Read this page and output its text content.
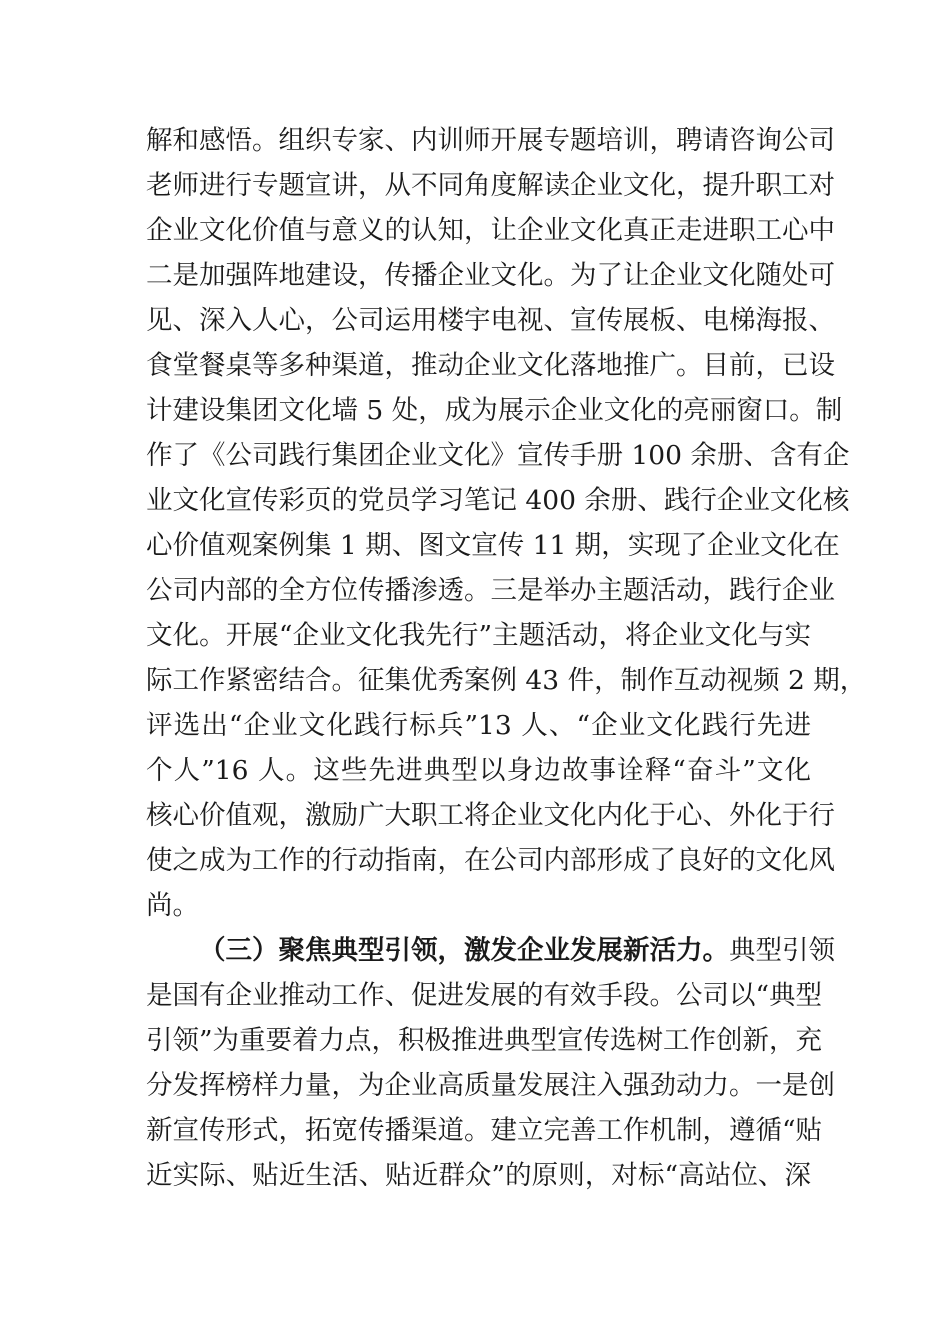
解和感悟。组织专家、内训师开展专题培训，聘请咨询公司
老师进行专题宣讲，从不同角度解读企业文化，提升职工对
企业文化价值与意义的认知，让企业文化真正走进职工心中
二是加强阵地建设，传播企业文化。为了让企业文化随处可
见、深入人心，公司运用楼宇电视、宣传展板、电梯海报、
食堂餐桌等多种渠道，推动企业文化落地推广。目前，已设
计建设集团文化墙 5 处，成为展示企业文化的亮丽窗口。制
作了《公司践行集团企业文化》宣传手册 100 余册、含有企
业文化宣传彩页的党员学习笔记 400 余册、践行企业文化核
心价值观案例集 1 期、图文宣传 11 期，实现了企业文化在
公司内部的全方位传播渗透。三是举办主题活动，践行企业
文化。开展“企业文化我先行”主题活动，将企业文化与实
际工作紧密结合。征集优秀案例 43 件，制作互动视频 2 期，
评选出“企业文化践行标兵”13 人、“企业文化践行先进
个人”16 人。这些先进典型以身边故事诠释“奋斗”文化
核心价值观，激励广大职工将企业文化内化于心、外化于行
使之成为工作的行动指南，在公司内部形成了良好的文化风
尚。
（三）聚焦典型引领，激发企业发展新活力。典型引领
是国有企业推动工作、促进发展的有效手段。公司以“典型
引领”为重要着力点，积极推进典型宣传选树工作创新，充
分发挥榜样力量，为企业高质量发展注入强劲动力。一是创
新宣传形式，拓宽传播渠道。建立完善工作机制，遵循“贴
近实际、贴近生活、贴近群众”的原则，对标“高站位、深
